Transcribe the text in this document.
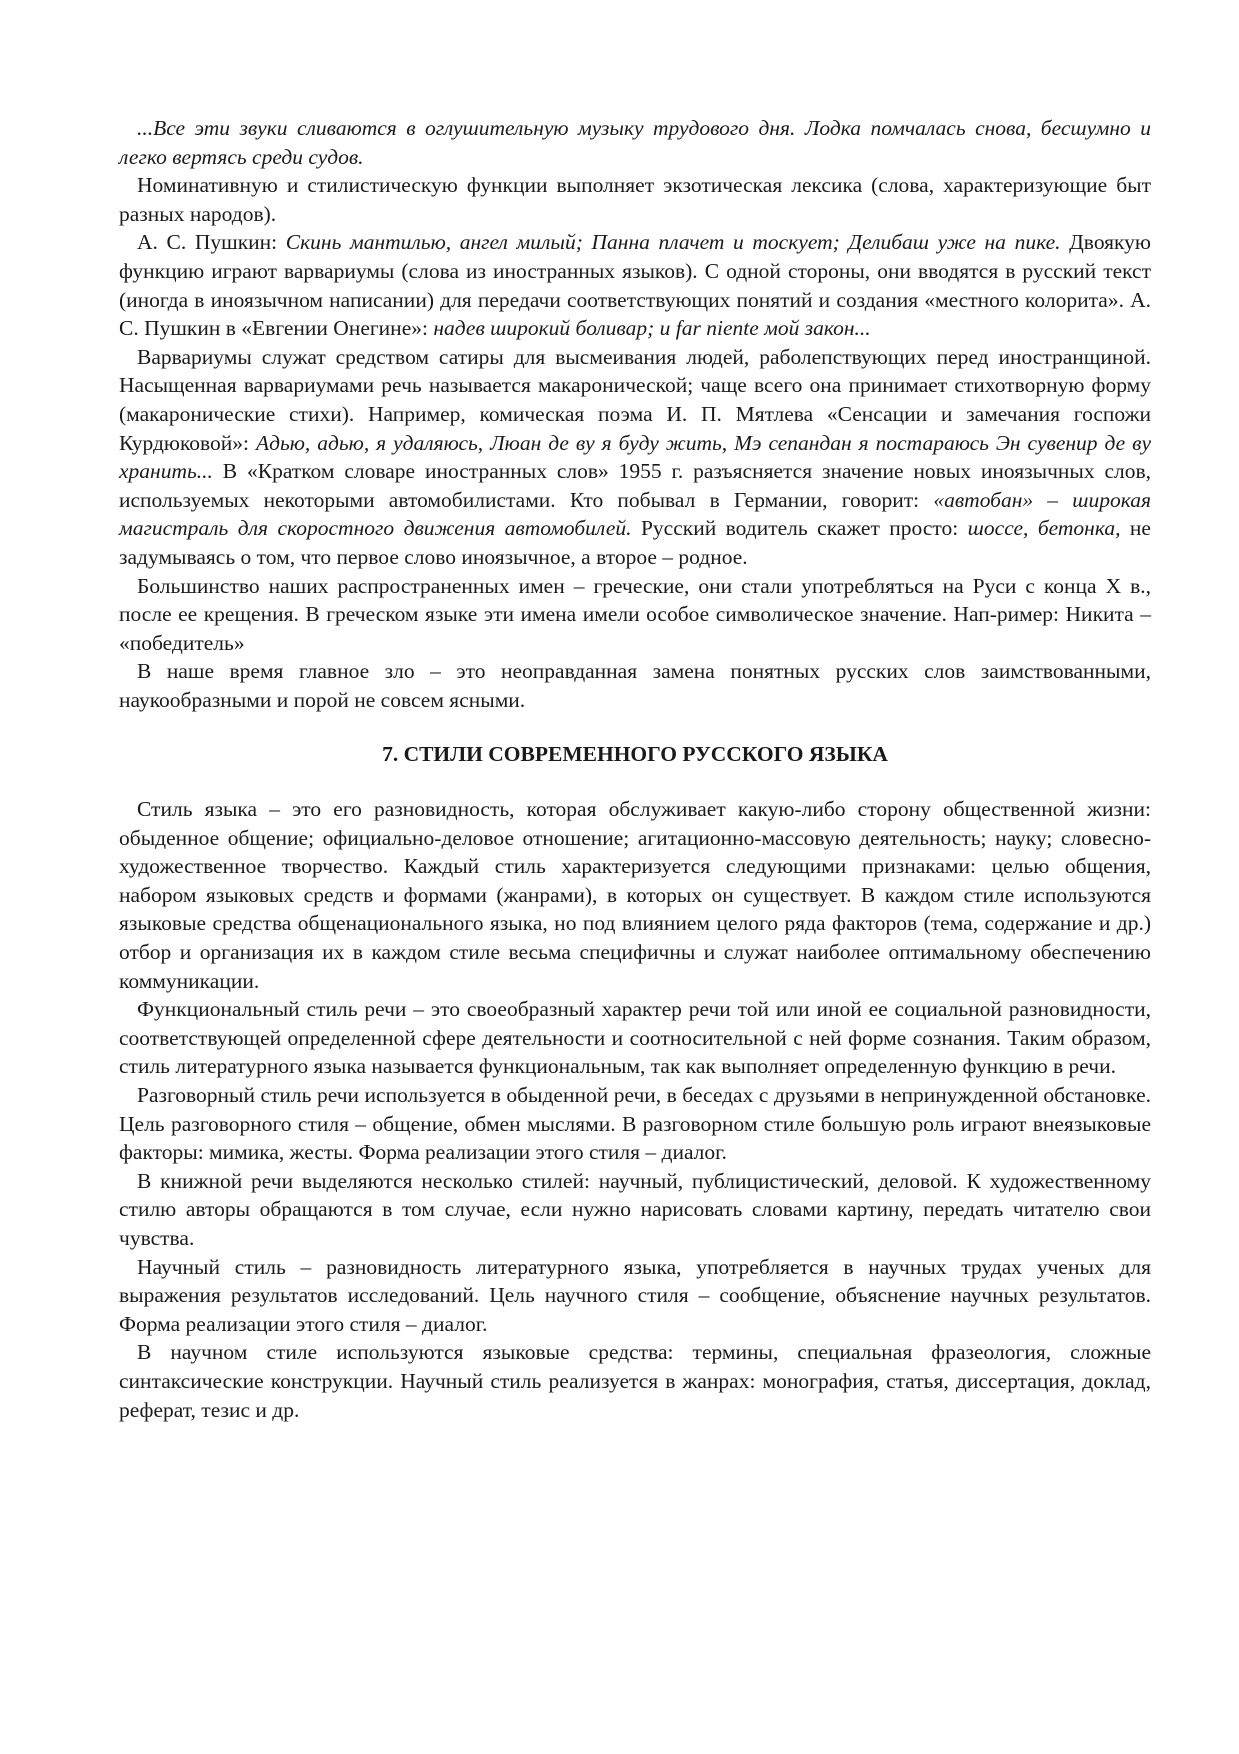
...Все эти звуки сливаются в оглушительную музыку трудового дня. Лодка помчалась снова, бесшумно и легко вертясь среди судов.

Номинативную и стилистическую функции выполняет экзотическая лексика (слова, характеризующие быт разных народов).

А. С. Пушкин: Скинь мантилью, ангел милый; Панна плачет и тоскует; Делибаш уже на пике. Двоякую функцию играют варвариумы (слова из иностранных языков). С одной стороны, они вводятся в русский текст (иногда в иноязычном написании) для передачи соответствующих понятий и создания «местного колорита». А. С. Пушкин в «Евгении Онегине»: надев широкий боливар; и far niente мой закон...

Варвариумы служат средством сатиры для высмеивания людей, раболепствующих перед иностранщиной. Насыщенная варвариумами речь называется макаронической; чаще всего она принимает стихотворную форму (макаронические стихи). Например, комическая поэма И. П. Мятлева «Сенсации и замечания госпожи Курдюковой»: Адью, адью, я удаляюсь, Люан де ву я буду жить, Мэ сепандан я постараюсь Эн сувенир де ву хранить... В «Кратком словаре иностранных слов» 1955 г. разъясняется значение новых иноязычных слов, используемых некоторыми автомобилистами. Кто побывал в Германии, говорит: «автобан» – широкая магистраль для скоростного движения автомобилей. Русский водитель скажет просто: шоссе, бетонка, не задумываясь о том, что первое слово иноязычное, а второе – родное.

Большинство наших распространенных имен – греческие, они стали употребляться на Руси с конца X в., после ее крещения. В греческом языке эти имена имели особое символическое значение. Нап-ример: Никита – «победитель»

В наше время главное зло – это неоправданная замена понятных русских слов заимствованными, наукообразными и порой не совсем ясными.

7. СТИЛИ СОВРЕМЕННОГО РУССКОГО ЯЗЫКА

Стиль языка – это его разновидность, которая обслуживает какую-либо сторону общественной жизни: обыденное общение; официально-деловое отношение; агитационно-массовую деятельность; науку; словесно-художественное творчество. Каждый стиль характеризуется следующими признаками: целью общения, набором языковых средств и формами (жанрами), в которых он существует. В каждом стиле используются языковые средства общенационального языка, но под влиянием целого ряда факторов (тема, содержание и др.) отбор и организация их в каждом стиле весьма специфичны и служат наиболее оптимальному обеспечению коммуникации.

Функциональный стиль речи – это своеобразный характер речи той или иной ее социальной разновидности, соответствующей определенной сфере деятельности и соотносительной с ней форме сознания. Таким образом, стиль литературного языка называется функциональным, так как выполняет определенную функцию в речи.

Разговорный стиль речи используется в обыденной речи, в беседах с друзьями в непринужденной обстановке. Цель разговорного стиля – общение, обмен мыслями. В разговорном стиле большую роль играют внеязыковые факторы: мимика, жесты. Форма реализации этого стиля – диалог.

В книжной речи выделяются несколько стилей: научный, публицистический, деловой. К художественному стилю авторы обращаются в том случае, если нужно нарисовать словами картину, передать читателю свои чувства.

Научный стиль – разновидность литературного языка, употребляется в научных трудах ученых для выражения результатов исследований. Цель научного стиля – сообщение, объяснение научных результатов. Форма реализации этого стиля – диалог.

В научном стиле используются языковые средства: термины, специальная фразеология, сложные синтаксические конструкции. Научный стиль реализуется в жанрах: монография, статья, диссертация, доклад, реферат, тезис и др.
